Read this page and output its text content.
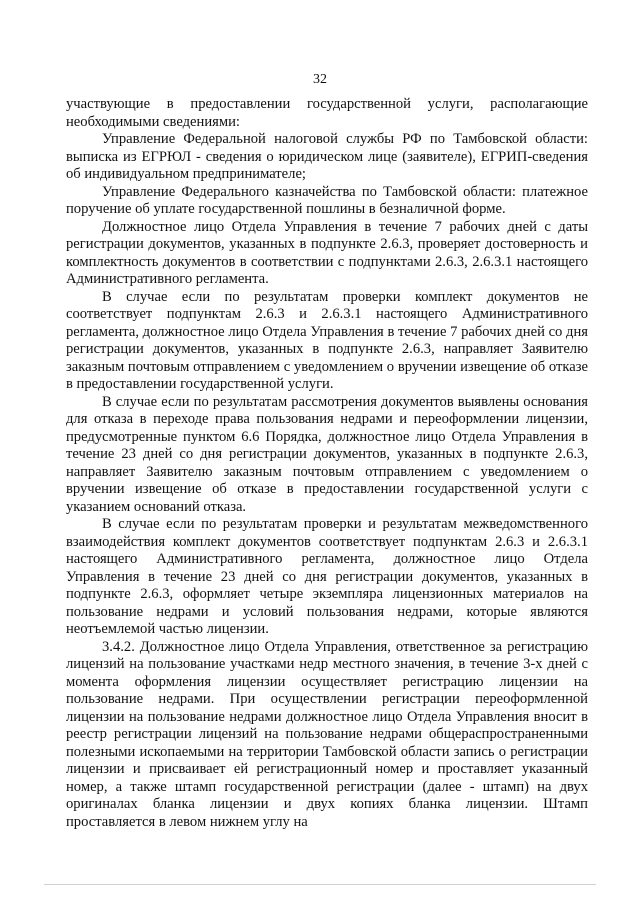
32

участвующие в предоставлении государственной услуги, располагающие необходимыми сведениями:

Управление Федеральной налоговой службы РФ по Тамбовской области: выписка из ЕГРЮЛ - сведения о юридическом лице (заявителе), ЕГРИП-сведения об индивидуальном предпринимателе;

Управление Федерального казначейства по Тамбовской области: платежное поручение об уплате государственной пошлины в безналичной форме.

Должностное лицо Отдела Управления в течение 7 рабочих дней с даты регистрации документов, указанных в подпункте 2.6.3, проверяет достоверность и комплектность документов в соответствии с подпунктами 2.6.3, 2.6.3.1 настоящего Административного регламента.

В случае если по результатам проверки комплект документов не соответствует подпунктам 2.6.3 и 2.6.3.1 настоящего Административного регламента, должностное лицо Отдела Управления в течение 7 рабочих дней со дня регистрации документов, указанных в подпункте 2.6.3, направляет Заявителю заказным почтовым отправлением с уведомлением о вручении извещение об отказе в предоставлении государственной услуги.

В случае если по результатам рассмотрения документов выявлены основания для отказа в переходе права пользования недрами и переоформлении лицензии, предусмотренные пунктом 6.6 Порядка, должностное лицо Отдела Управления в течение 23 дней со дня регистрации документов, указанных в подпункте 2.6.3, направляет Заявителю заказным почтовым отправлением с уведомлением о вручении извещение об отказе в предоставлении государственной услуги с указанием оснований отказа.

В случае если по результатам проверки и результатам межведомственного взаимодействия комплект документов соответствует подпунктам 2.6.3 и 2.6.3.1 настоящего Административного регламента, должностное лицо Отдела Управления в течение 23 дней со дня регистрации документов, указанных в подпункте 2.6.3, оформляет четыре экземпляра лицензионных материалов на пользование недрами и условий пользования недрами, которые являются неотъемлемой частью лицензии.

3.4.2. Должностное лицо Отдела Управления, ответственное за регистрацию лицензий на пользование участками недр местного значения, в течение 3-х дней с момента оформления лицензии осуществляет регистрацию лицензии на пользование недрами. При осуществлении регистрации переоформленной лицензии на пользование недрами должностное лицо Отдела Управления вносит в реестр регистрации лицензий на пользование недрами общераспространенными полезными ископаемыми на территории Тамбовской области запись о регистрации лицензии и присваивает ей регистрационный номер и проставляет указанный номер, а также штамп государственной регистрации (далее - штамп) на двух оригиналах бланка лицензии и двух копиях бланка лицензии. Штамп проставляется в левом нижнем углу на
